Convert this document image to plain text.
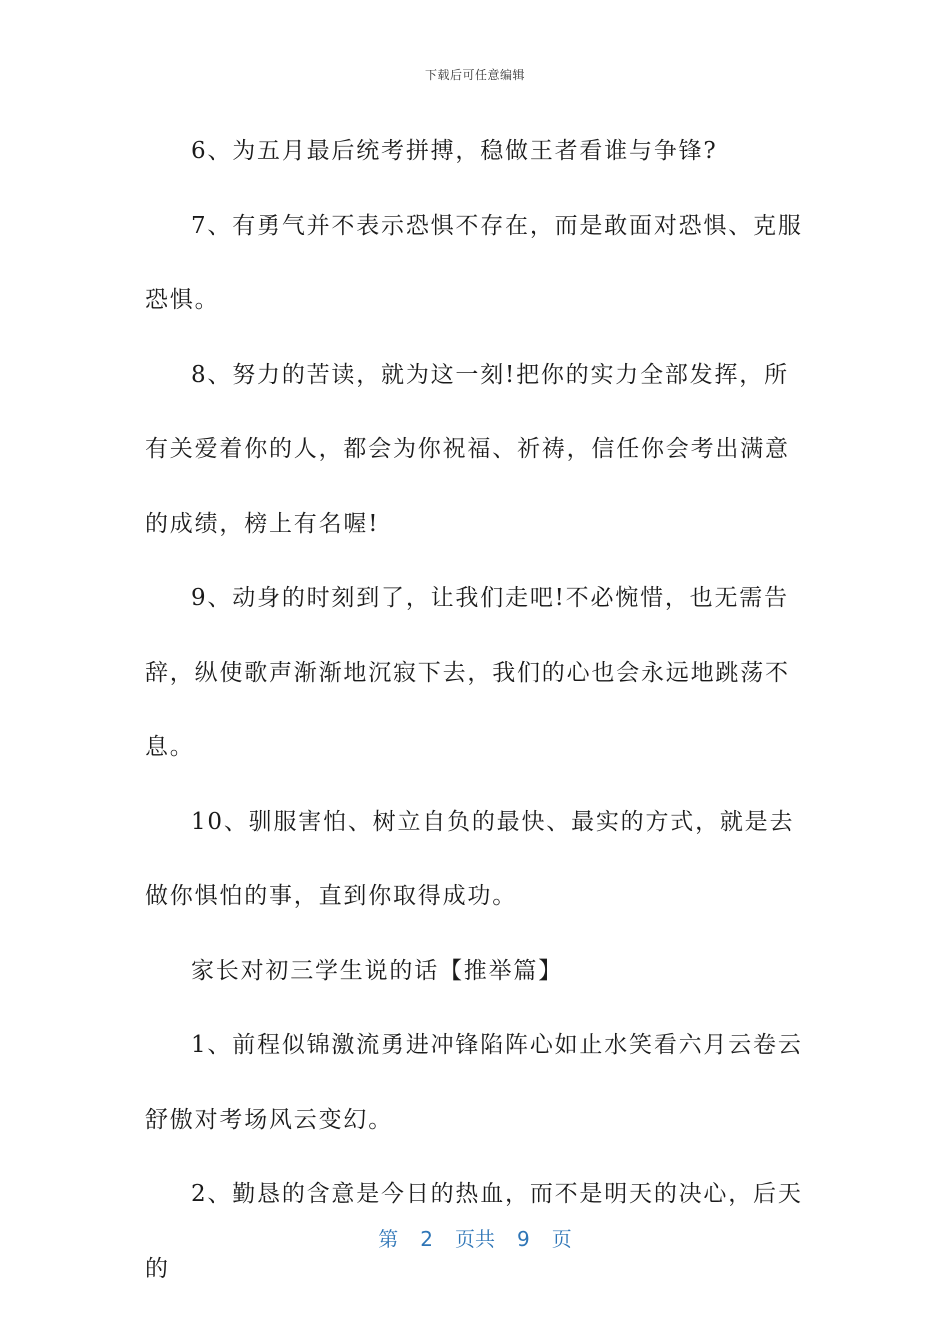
下载后可任意编辑

6、为五月最后统考拼搏，稳做王者看谁与争锋?

7、有勇气并不表示恐惧不存在，而是敢面对恐惧、克服恐惧。

8、努力的苦读，就为这一刻!把你的实力全部发挥，所有关爱着你的人，都会为你祝福、祈祷，信任你会考出满意的成绩，榜上有名喔!

9、动身的时刻到了，让我们走吧!不必惋惜，也无需告辞，纵使歌声渐渐地沉寂下去，我们的心也会永远地跳荡不息。

10、驯服害怕、树立自负的最快、最实的方式，就是去做你惧怕的事，直到你取得成功。

家长对初三学生说的话【推举篇】

1、前程似锦激流勇进冲锋陷阵心如止水笑看六月云卷云舒傲对考场风云变幻。

2、勤恳的含意是今日的热血，而不是明天的决心，后天的

第 2 页共 9 页
